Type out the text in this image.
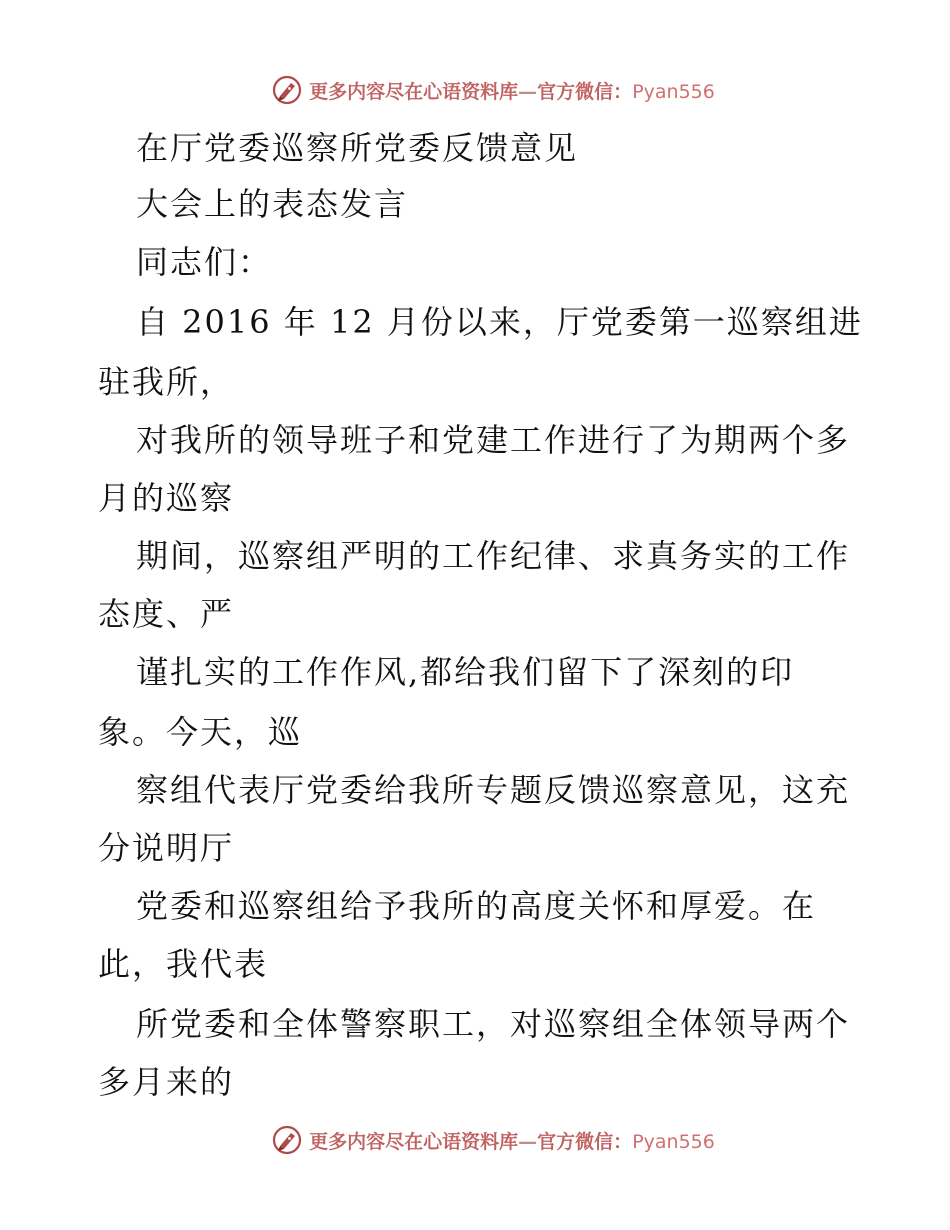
更多内容尽在心语资料库—官方微信：Pyan556
在厅党委巡察所党委反馈意见
大会上的表态发言
同志们：
自 2016 年 12 月份以来，厅党委第一巡察组进
驻我所，
对我所的领导班子和党建工作进行了为期两个多
月的巡察
期间，巡察组严明的工作纪律、求真务实的工作
态度、严
谨扎实的工作作风,都给我们留下了深刻的印
象。今天，巡
察组代表厅党委给我所专题反馈巡察意见，这充
分说明厅
党委和巡察组给予我所的高度关怀和厚爱。在
此，我代表
所党委和全体警察职工，对巡察组全体领导两个
多月来的
更多内容尽在心语资料库—官方微信：Pyan556
